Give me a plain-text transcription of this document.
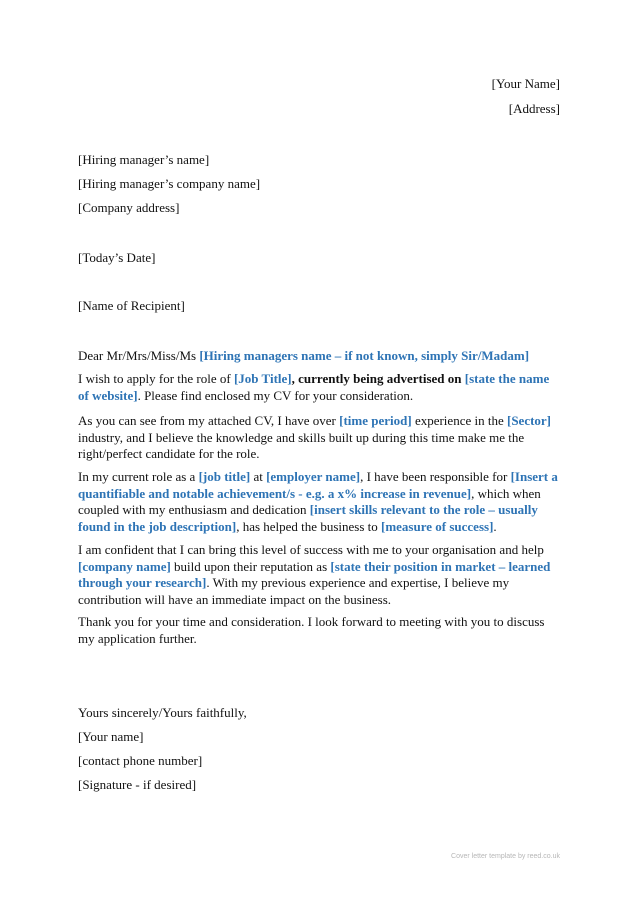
[Your Name]
[Address]
[Hiring manager’s name]
[Hiring manager’s company name]
[Company address]
[Today’s Date]
[Name of Recipient]
Dear Mr/Mrs/Miss/Ms [Hiring managers name – if not known, simply Sir/Madam]
I wish to apply for the role of [Job Title], currently being advertised on [state the name of website]. Please find enclosed my CV for your consideration.
As you can see from my attached CV, I have over [time period] experience in the [Sector] industry, and I believe the knowledge and skills built up during this time make me the right/perfect candidate for the role.
In my current role as a [job title] at [employer name], I have been responsible for [Insert a quantifiable and notable achievement/s - e.g. a x% increase in revenue], which when coupled with my enthusiasm and dedication [insert skills relevant to the role – usually found in the job description], has helped the business to [measure of success].
I am confident that I can bring this level of success with me to your organisation and help [company name] build upon their reputation as [state their position in market – learned through your research]. With my previous experience and expertise, I believe my contribution will have an immediate impact on the business.
Thank you for your time and consideration. I look forward to meeting with you to discuss my application further.
Yours sincerely/Yours faithfully,
[Your name]
[contact phone number]
[Signature - if desired]
Cover letter template by reed.co.uk
